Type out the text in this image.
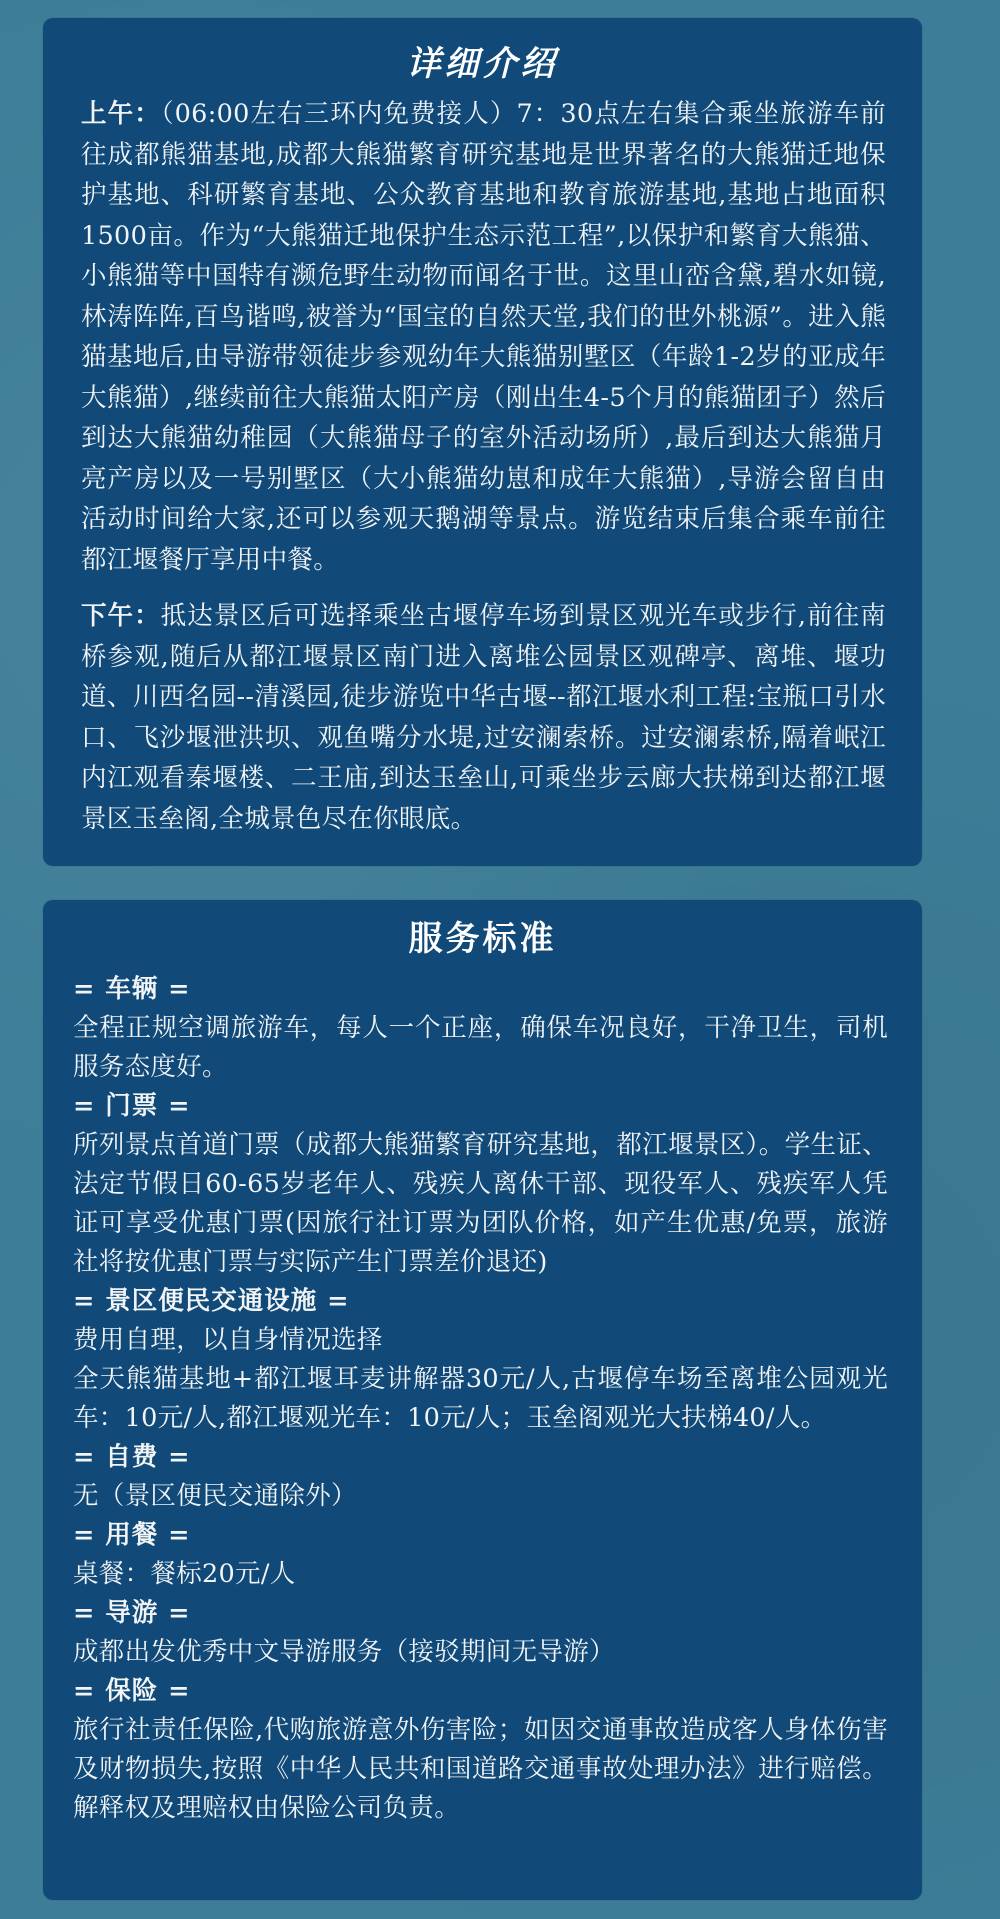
详细介绍

上午：（06:00左右三环内免费接人）7：30点左右集合乘坐旅游车前往成都熊猫基地,成都大熊猫繁育研究基地是世界著名的大熊猫迁地保护基地、科研繁育基地、公众教育基地和教育旅游基地,基地占地面积1500亩。作为“大熊猫迁地保护生态示范工程”,以保护和繁育大熊猫、小熊猫等中国特有濒危野生动物而闻名于世。这里山峦含黛,碧水如镜,林涛阵阵,百鸟谐鸣,被誉为“国宝的自然天堂,我们的世外桃源”。进入熊猫基地后,由导游带领徒步参观幼年大熊猫别墅区（年龄1-2岁的亚成年大熊猫）,继续前往大熊猫太阳产房（刚出生4-5个月的熊猫团子）然后到达大熊猫幼稚园（大熊猫母子的室外活动场所）,最后到达大熊猫月亮产房以及一号别墅区（大小熊猫幼崽和成年大熊猫）,导游会留自由活动时间给大家,还可以参观天鹅湖等景点。游览结束后集合乘车前往都江堰餐厅享用中餐。

下午：抵达景区后可选择乘坐古堰停车场到景区观光车或步行,前往南桥参观,随后从都江堰景区南门进入离堆公园景区观碑亭、离堆、堰功道、川西名园--清溪园,徒步游览中华古堰--都江堰水利工程:宝瓶口引水口、飞沙堰泄洪坝、观鱼嘴分水堤,过安澜索桥。过安澜索桥,隔着岷江内江观看秦堰楼、二王庙,到达玉垒山,可乘坐步云廊大扶梯到达都江堰景区玉垒阁,全城景色尽在你眼底。

服务标准
= 车辆 =

全程正规空调旅游车，每人一个正座，确保车况良好，干净卫生，司机服务态度好。

= 门票 =

所列景点首道门票（成都大熊猫繁育研究基地，都江堰景区）。学生证、法定节假日60-65岁老年人、残疾人离休干部、现役军人、残疾军人凭证可享受优惠门票(因旅行社订票为团队价格，如产生优惠/免票，旅游社将按优惠门票与实际产生门票差价退还)

= 景区便民交通设施 =

费用自理，以自身情况选择

全天熊猫基地+都江堰耳麦讲解器30元/人,古堰停车场至离堆公园观光车：10元/人,都江堰观光车：10元/人；玉垒阁观光大扶梯40/人。

= 自费 =

无（景区便民交通除外）

= 用餐 =

桌餐：餐标20元/人

= 导游 =

成都出发优秀中文导游服务（接驳期间无导游）

= 保险 =

旅行社责任保险,代购旅游意外伤害险；如因交通事故造成客人身体伤害及财物损失,按照《中华人民共和国道路交通事故处理办法》进行赔偿。解释权及理赔权由保险公司负责。
